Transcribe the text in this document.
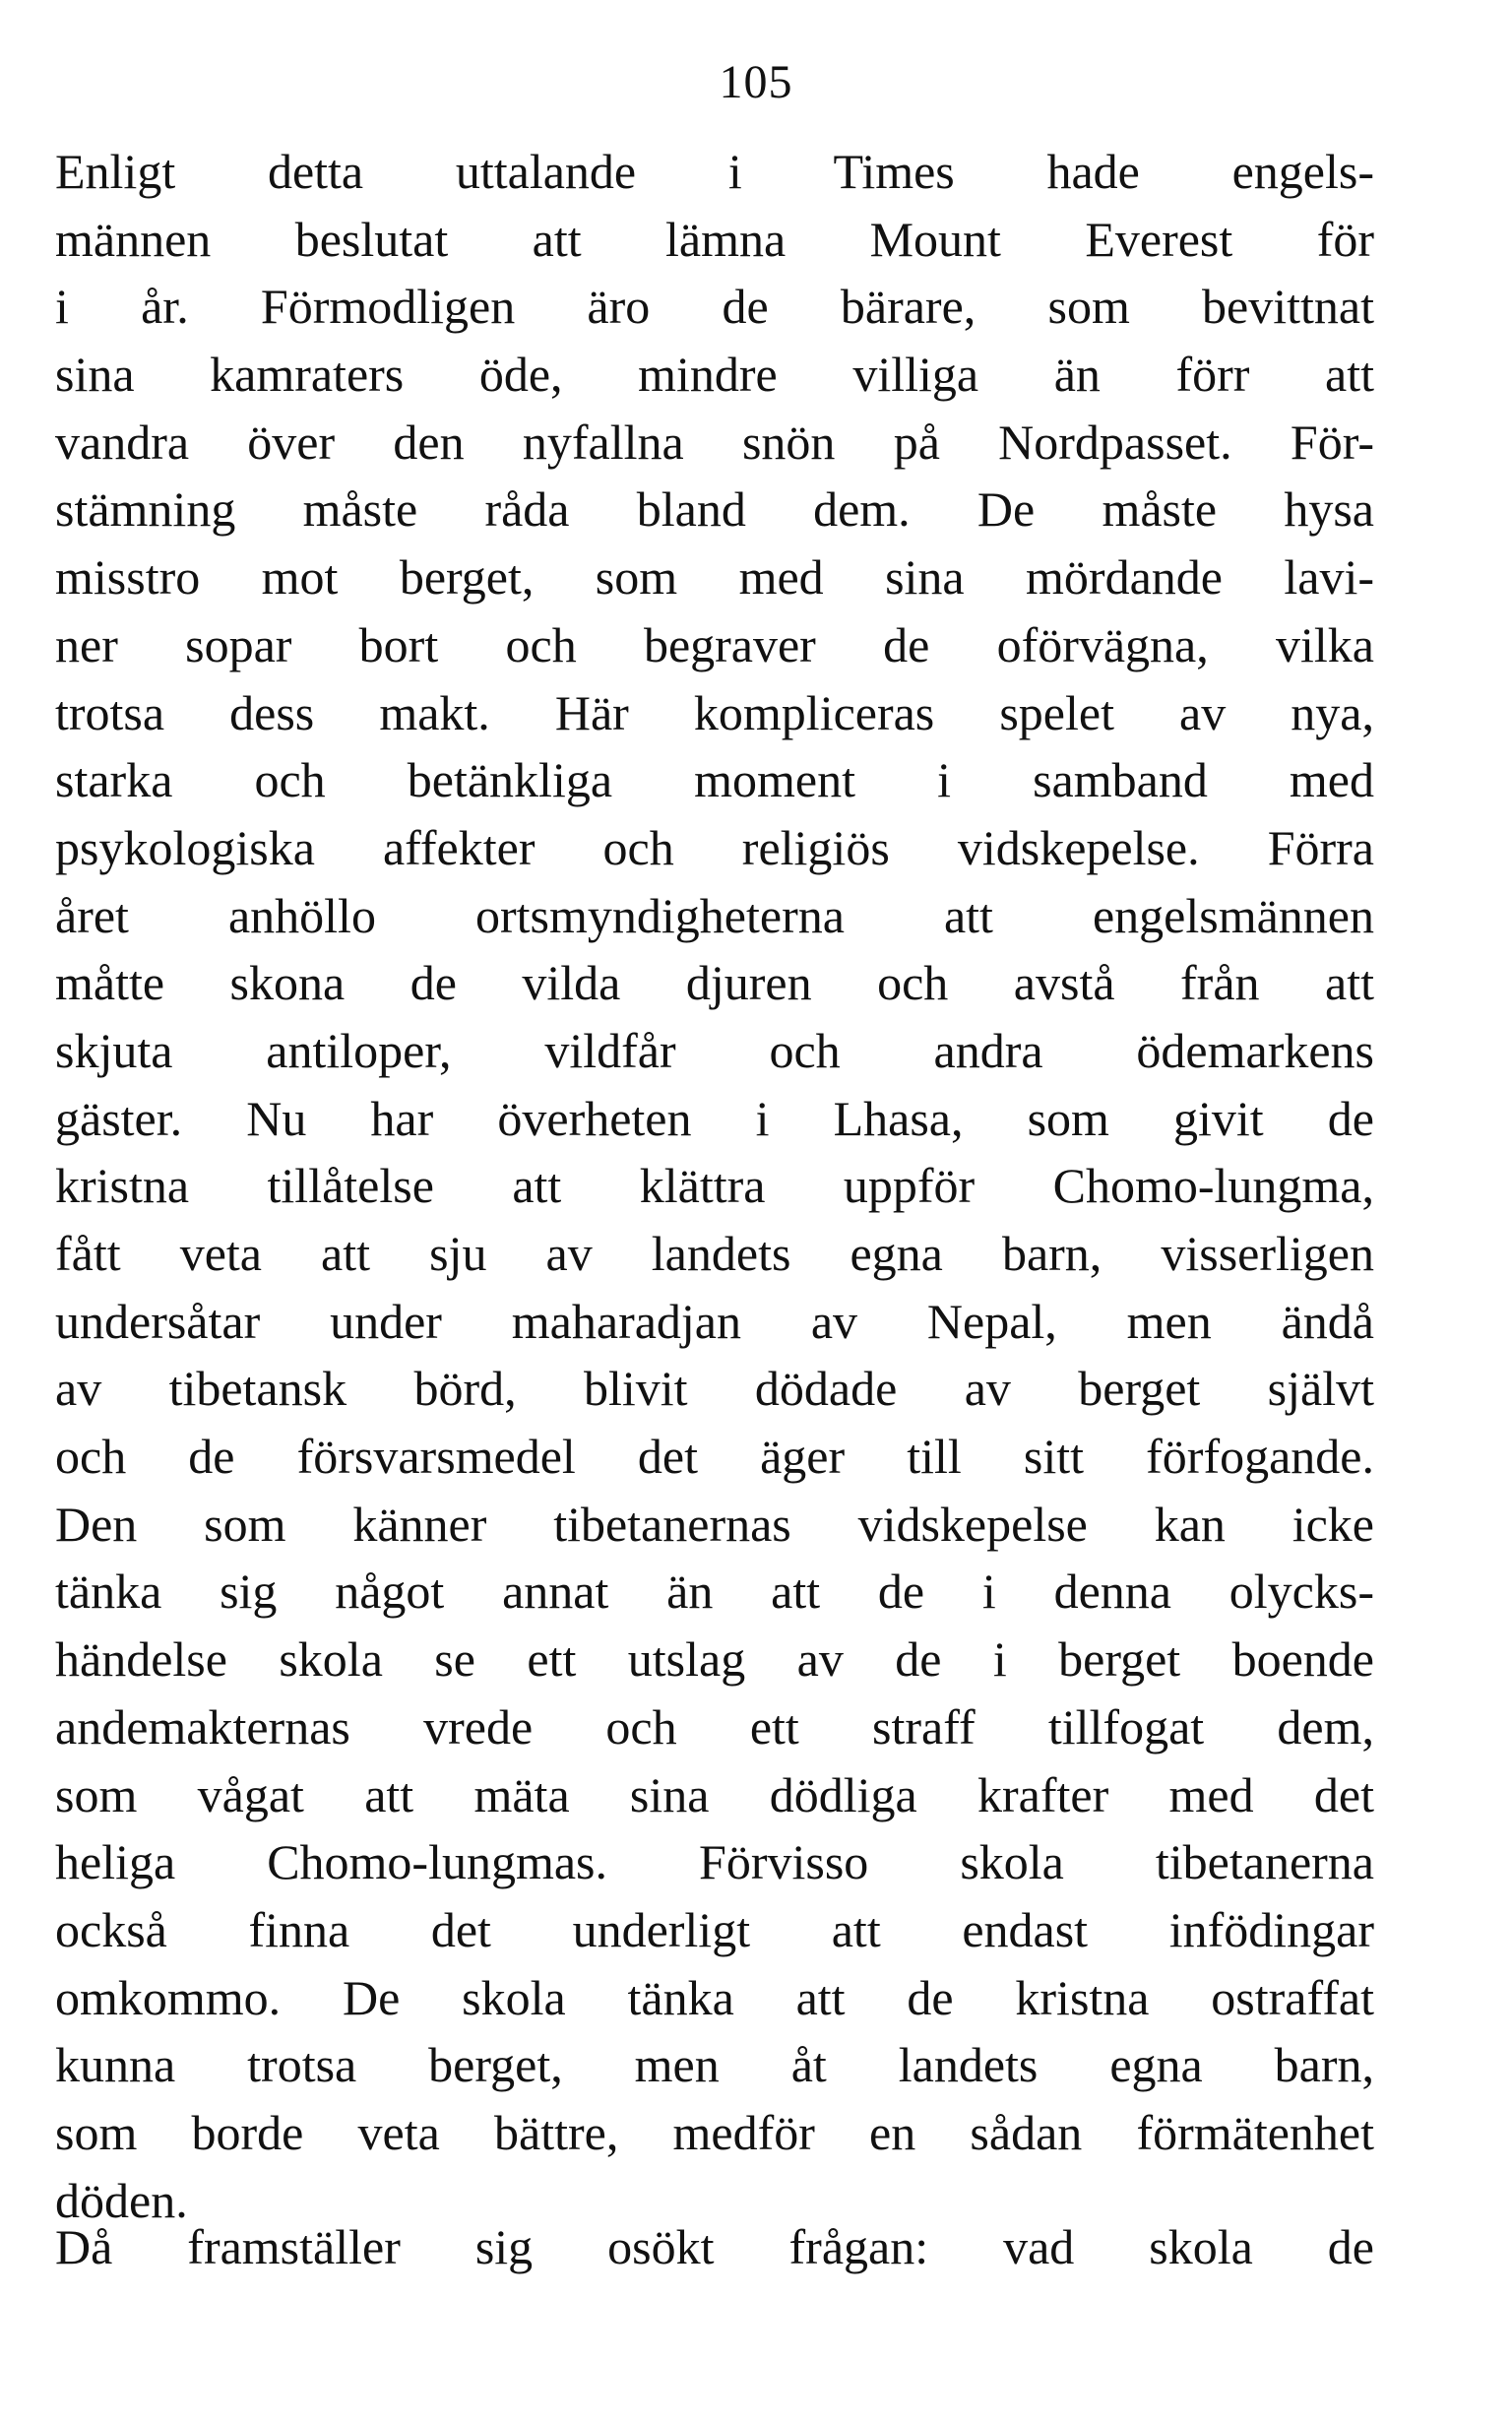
105
Enligt detta uttalande i Times hade engels-
männen beslutat att lämna Mount Everest för
i år. Förmodligen äro de bärare, som bevittnat
sina kamraters öde, mindre villiga än förr att
vandra över den nyfallna snön på Nordpasset. För-
stämning måste råda bland dem. De måste hysa
misstro mot berget, som med sina mördande lavi-
ner sopar bort och begraver de oförvägna, vilka
trotsa dess makt. Här kompliceras spelet av nya,
starka och betänkliga moment i samband med
psykologiska affekter och religiös vidskepelse. Förra
året anhöllo ortsmyndigheterna att engelsmännen
måtte skona de vilda djuren och avstå från att
skjuta antiloper, vildfår och andra ödemarkens
gäster. Nu har överheten i Lhasa, som givit de
kristna tillåtelse att klättra uppför Chomo-lungma,
fått veta att sju av landets egna barn, visserligen
undersåtar under maharadjan av Nepal, men ändå
av tibetansk börd, blivit dödade av berget självt
och de försvarsmedel det äger till sitt förfogande.
Den som känner tibetanernas vidskepelse kan icke
tänka sig något annat än att de i denna olycks-
händelse skola se ett utslag av de i berget boende
andemakternas vrede och ett straff tillfogat dem,
som vågat att mäta sina dödliga krafter med det
heliga Chomo-lungmas. Förvisso skola tibetanerna
också finna det underligt att endast infödingar
omkommo. De skola tänka att de kristna ostraffat
kunna trotsa berget, men åt landets egna barn,
som borde veta bättre, medför en sådan förmätenhet
döden.
Då framställer sig osökt frågan: vad skola de
